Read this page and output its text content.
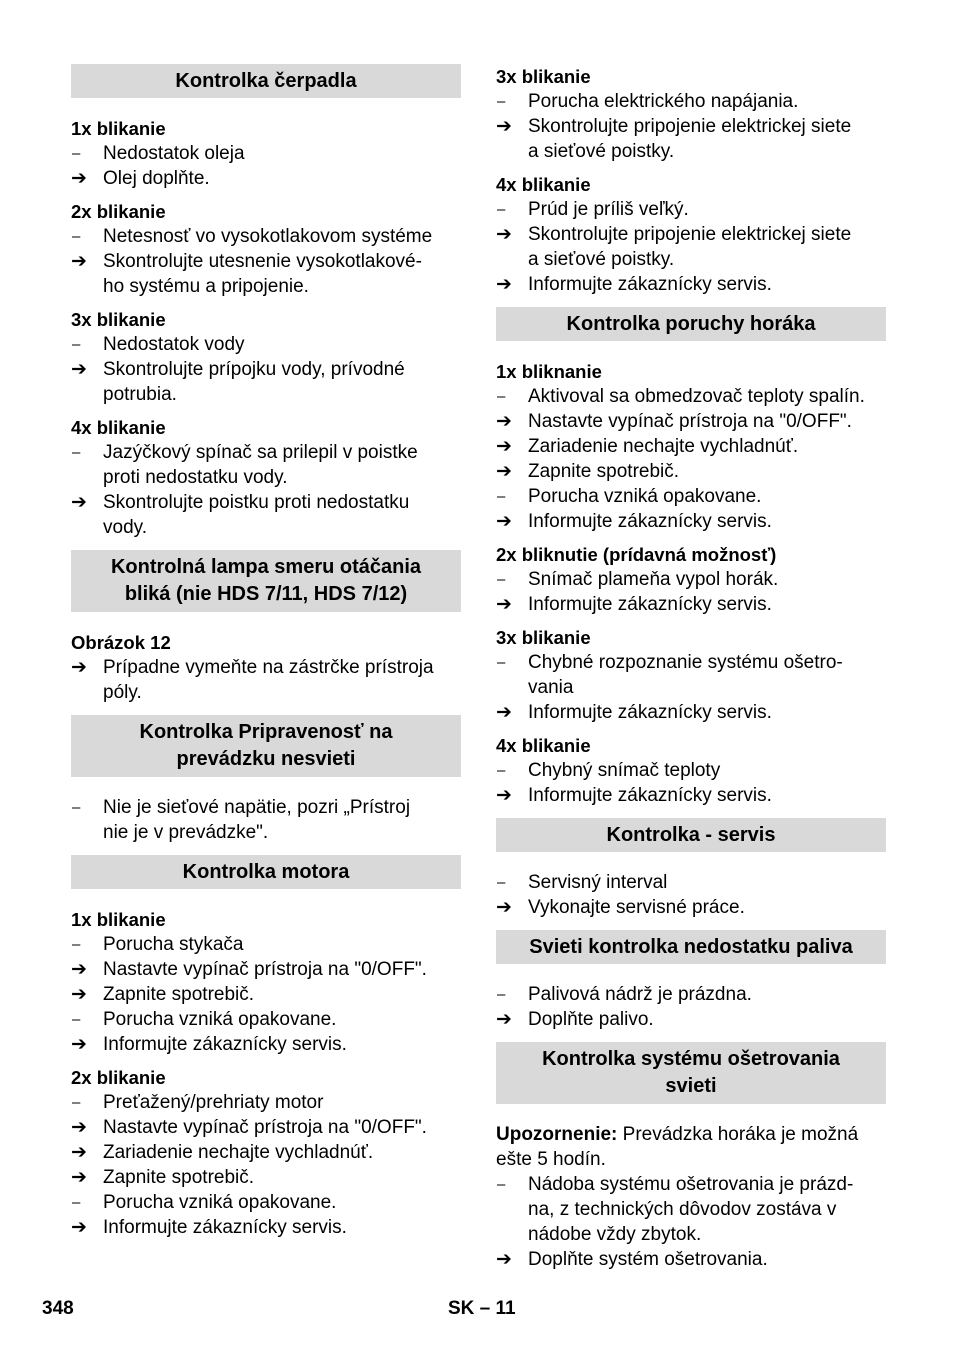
Kontrolka čerpadla
1x blikanie
–	Nedostatok oleja
➔ Olej doplňte.
2x blikanie
–	Netesnosť vo vysokotlakovom systéme
➔ Skontrolujte utesnenie vysokotlakové-
ho systému a pripojenie.
3x blikanie
–	Nedostatok vody
➔ Skontrolujte prípojku vody, prívodné
potrubia.
4x blikanie
–	Jazýčkový spínač sa prilepil v poistke
proti nedostatku vody.
➔ Skontrolujte poistku proti nedostatku
vody.
Kontrolná lampa smeru otáčania
bliká (nie HDS 7/11, HDS 7/12)
Obrázok 12
➔ Prípadne vymeňte na zástrčke prístroja
póly.
Kontrolka Pripravenosť na
prevádzku nesvieti
–	Nie je sieťové napätie, pozri „Prístroj
nie je v prevádzke".
Kontrolka motora
1x blikanie
–	Porucha stykača
➔ Nastavte vypínač prístroja na "0/OFF".
➔ Zapnite spotrebič.
–	Porucha vzniká opakovane.
➔ Informujte zákaznícky servis.
2x blikanie
–	Preťažený/prehriaty motor
➔ Nastavte vypínač prístroja na "0/OFF".
➔ Zariadenie nechajte vychladnúť.
➔ Zapnite spotrebič.
–	Porucha vzniká opakovane.
➔ Informujte zákaznícky servis.
3x blikanie
–	Porucha elektrického napájania.
➔ Skontrolujte pripojenie elektrickej siete
a sieťové poistky.
4x blikanie
–	Prúd je príliš veľký.
➔ Skontrolujte pripojenie elektrickej siete
a sieťové poistky.
➔ Informujte zákaznícky servis.
Kontrolka poruchy horáka
1x bliknanie
–	Aktivoval sa obmedzovač teploty spalín.
➔ Nastavte vypínač prístroja na "0/OFF".
➔ Zariadenie nechajte vychladnúť.
➔ Zapnite spotrebič.
–	Porucha vzniká opakovane.
➔ Informujte zákaznícky servis.
2x bliknutie (prídavná možnosť)
–	Snímač plameňa vypol horák.
➔ Informujte zákaznícky servis.
3x blikanie
–	Chybné rozpoznanie systému ošetro-
vania
➔ Informujte zákaznícky servis.
4x blikanie
–	Chybný snímač teploty
➔ Informujte zákaznícky servis.
Kontrolka - servis
–	Servisný interval
➔ Vykonajte servisné práce.
Svieti kontrolka nedostatku paliva
–	Palivová nádrž je prázdna.
➔ Doplňte palivo.
Kontrolka systému ošetrovania
svieti
Upozornenie: Prevádzka horáka je možná
ešte 5 hodín.
–	Nádoba systému ošetrovania je prázd-
na, z technických dôvodov zostáva v
nádobe vždy zbytok.
➔ Doplňte systém ošetrovania.
348	SK – 11
